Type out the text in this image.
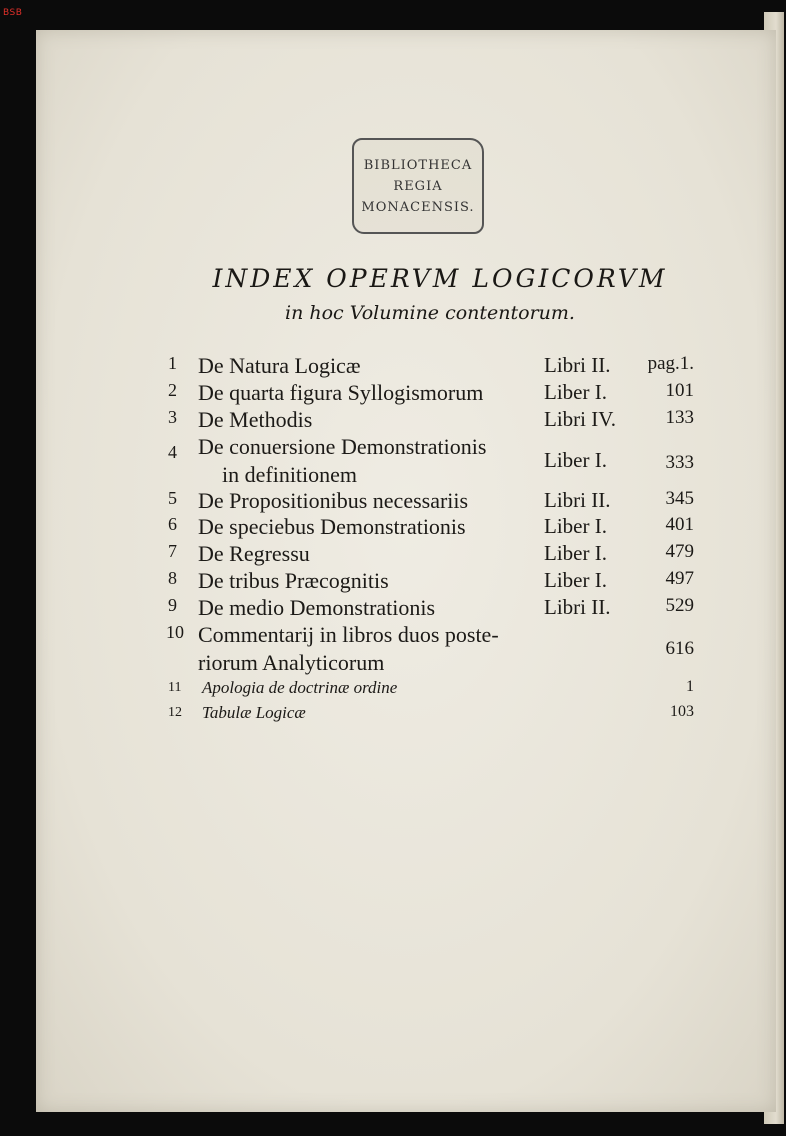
BSB
BIBLIOTHECA
REGIA
MONACENSIS.
INDEX OPERVM LOGICORVM
in hoc Volumine contentorum.
1 De Natura Logicæ	Libri II. pag.1.
2 De quarta figura Syllogismorum	Liber I.	101
3 De Methodis	Libri IV.	133
4 De conuersione Demonstrationis
in definitionem
Liber I.	333
5 De Propositionibus necessariis	Libri II.	345
6 De speciebus Demonstrationis	Liber I.	401
7 De Regressu	Liber I.	479
8 De tribus Præcognitis	Liber I.	497
9 De medio Demonstrationis	Libri II.	529
10 Commentarij in libros duos poste-
riorum Analyticorum
616
11 Apologia de doctrinæ ordine	1
12 Tabulæ Logicæ	103
